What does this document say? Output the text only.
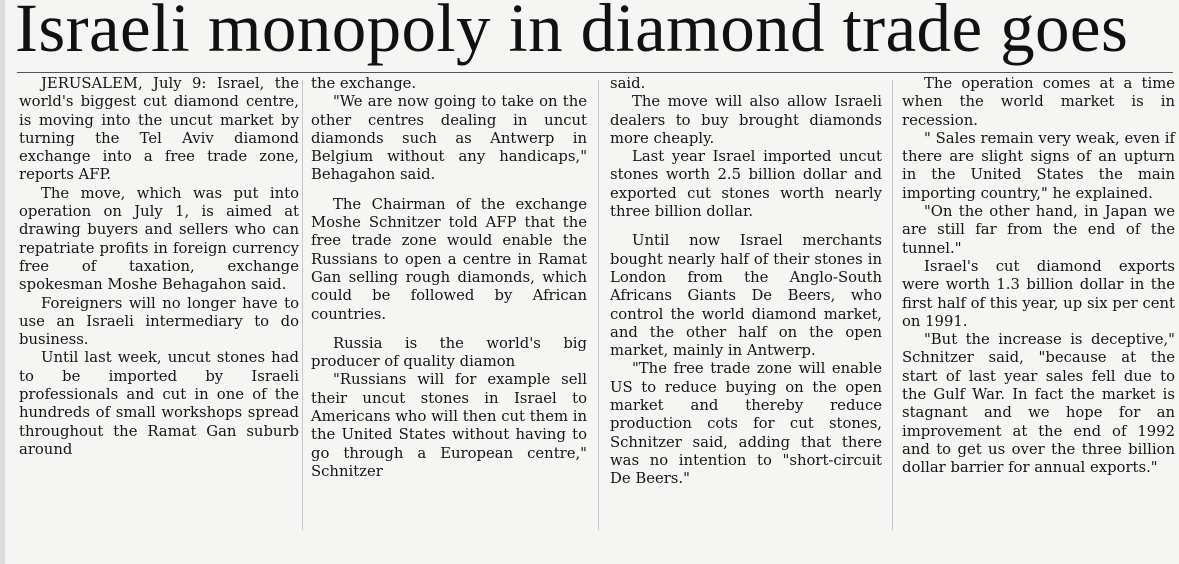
Israeli monopoly in diamond trade goes

JERUSALEM, July 9: Israel, the world's biggest cut diamond centre, is moving into the uncut market by turning the Tel Aviv diamond exchange into a free trade zone, reports AFP.

The move, which was put into operation on July 1, is aimed at drawing buyers and sellers who can repatriate profits in foreign currency free of taxation, exchange spokesman Moshe Behagahon said.

Foreigners will no longer have to use an Israeli intermediary to do business.

Until last week, uncut stones had to be imported by Israeli professionals and cut in one of the hundreds of small workshops spread throughout the Ramat Gan suburb around

the exchange.

"We are now going to take on the other centres dealing in uncut diamonds such as Antwerp in Belgium without any handicaps," Behagahon said.

The Chairman of the exchange Moshe Schnitzer told AFP that the free trade zone would enable the Russians to open a centre in Ramat Gan selling rough diamonds, which could be followed by African countries.

Russia is the world's big producer of quality diamon

"Russians will for example sell their uncut stones in Israel to Americans who will then cut them in the United States without having to go through a European centre," Schnitzer

said.

The move will also allow Israeli dealers to buy brought diamonds more cheaply.

Last year Israel imported uncut stones worth 2.5 billion dollar and exported cut stones worth nearly three billion dollar.

Until now Israel merchants bought nearly half of their stones in London from the Anglo-South Africans Giants De Beers, who control the world diamond market, and the other half on the open market, mainly in Antwerp.

"The free trade zone will enable US to reduce buying on the open market and thereby reduce production cots for cut stones, Schnitzer said, adding that there was no intention to "short-circuit De Beers."

The operation comes at a time when the world market is in recession.

" Sales remain very weak, even if there are slight signs of an upturn in the United States the main importing country," he explained.

"On the other hand, in Japan we are still far from the end of the tunnel."

Israel's cut diamond exports were worth 1.3 billion dollar in the first half of this year, up six per cent on 1991.

"But the increase is deceptive," Schnitzer said, "because at the start of last year sales fell due to the Gulf War. In fact the market is stagnant and we hope for an improvement at the end of 1992 and to get us over the three billion dollar barrier for annual exports."
